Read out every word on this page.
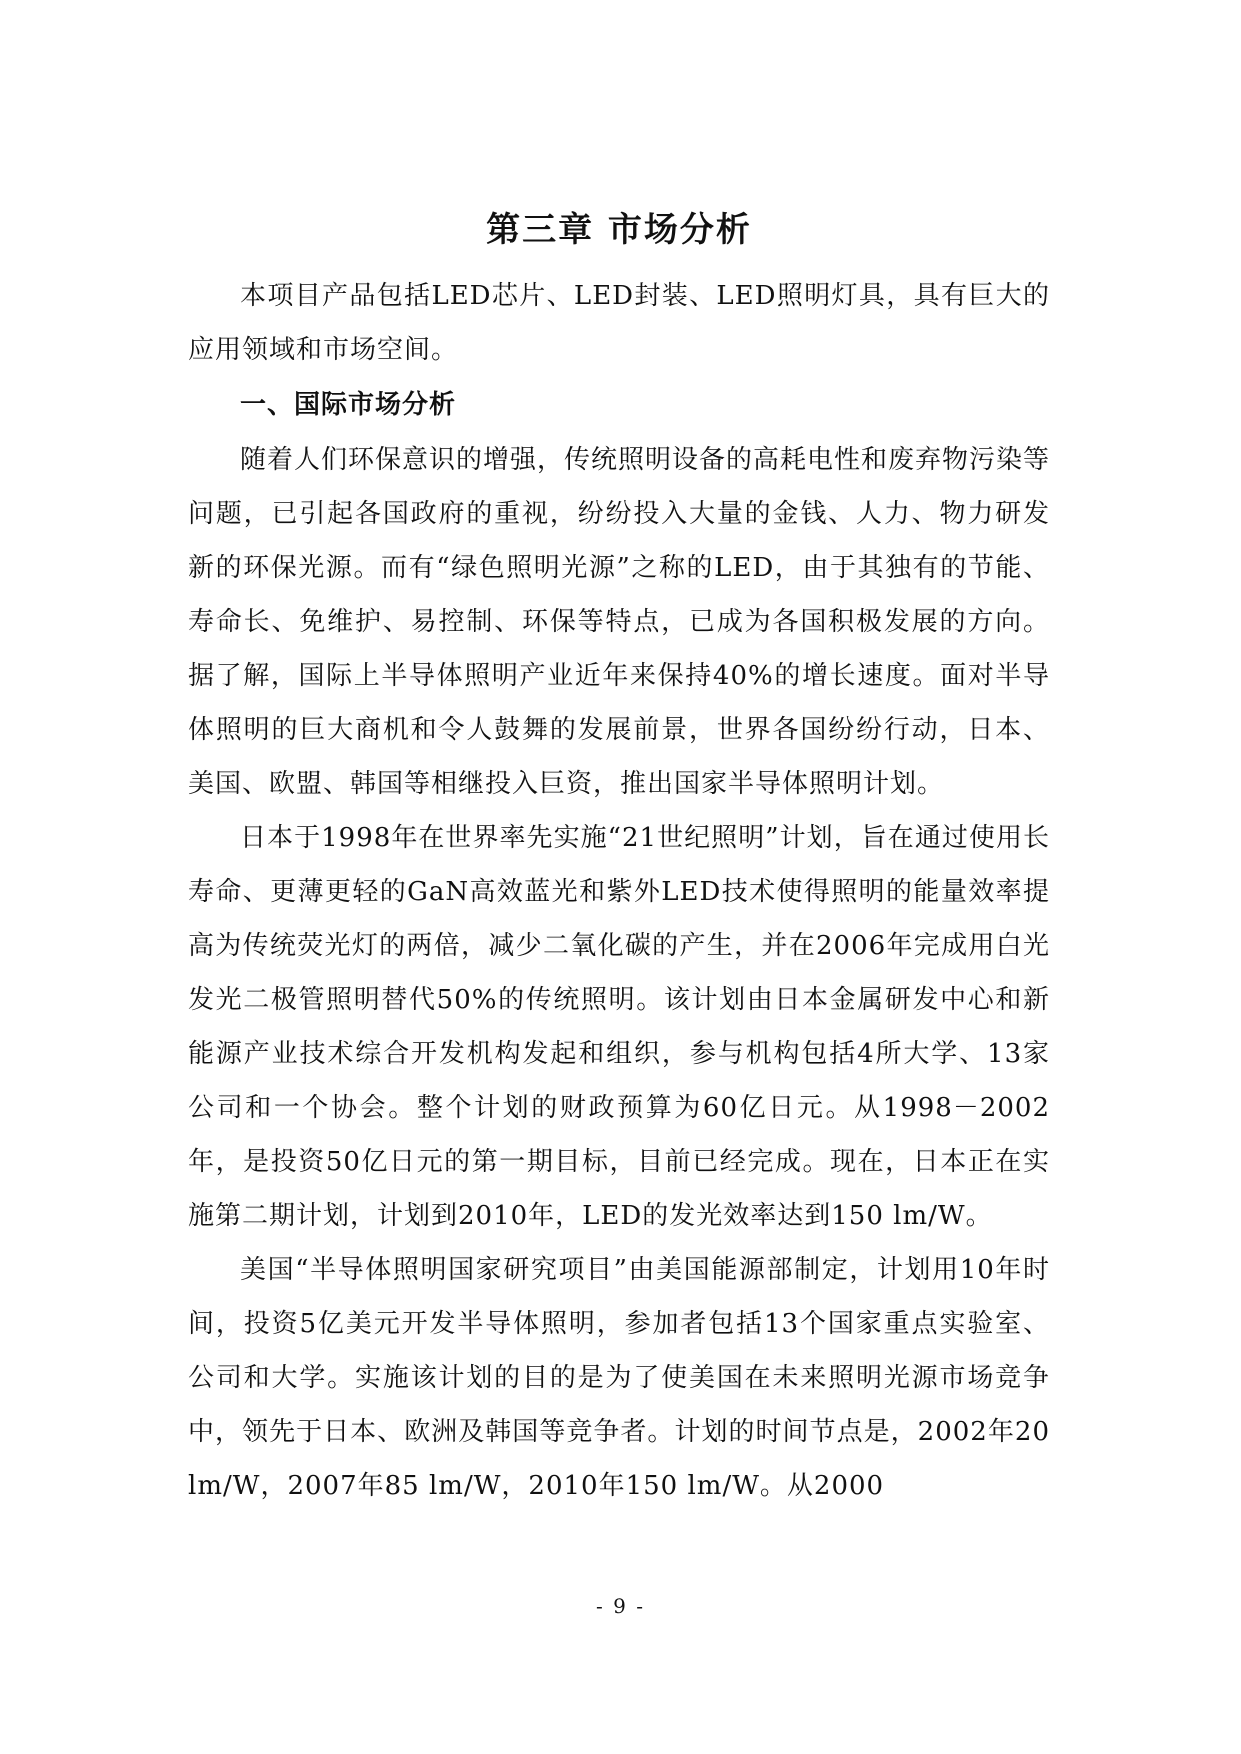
第三章 市场分析

本项目产品包括LED芯片、LED封装、LED照明灯具，具有巨大的应用领域和市场空间。

一、国际市场分析

随着人们环保意识的增强，传统照明设备的高耗电性和废弃物污染等问题，已引起各国政府的重视，纷纷投入大量的金钱、人力、物力研发新的环保光源。而有“绿色照明光源”之称的LED，由于其独有的节能、寿命长、免维护、易控制、环保等特点，已成为各国积极发展的方向。据了解，国际上半导体照明产业近年来保持40%的增长速度。面对半导体照明的巨大商机和令人鼓舞的发展前景，世界各国纷纷行动，日本、美国、欧盟、韩国等相继投入巨资，推出国家半导体照明计划。

日本于1998年在世界率先实施“21世纪照明”计划，旨在通过使用长寿命、更薄更轻的GaN高效蓝光和紫外LED技术使得照明的能量效率提高为传统荧光灯的两倍，减少二氧化碳的产生，并在2006年完成用白光发光二极管照明替代50%的传统照明。该计划由日本金属研发中心和新能源产业技术综合开发机构发起和组织，参与机构包括4所大学、13家公司和一个协会。整个计划的财政预算为60亿日元。从1998－2002年，是投资50亿日元的第一期目标，目前已经完成。现在，日本正在实施第二期计划，计划到2010年，LED的发光效率达到150 lm/W。

美国“半导体照明国家研究项目”由美国能源部制定，计划用10年时间，投资5亿美元开发半导体照明，参加者包括13个国家重点实验室、公司和大学。实施该计划的目的是为了使美国在未来照明光源市场竞争中，领先于日本、欧洲及韩国等竞争者。计划的时间节点是，2002年20 lm/W，2007年85 lm/W，2010年150 lm/W。从2000

- 9 -
